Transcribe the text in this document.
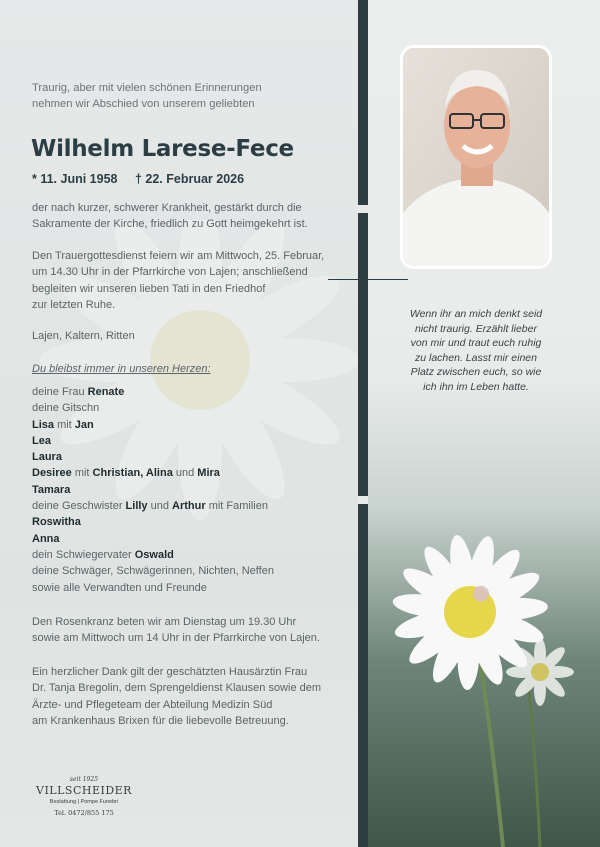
Traurig, aber mit vielen schönen Erinnerungen
nehmen wir Abschied von unserem geliebten
Wilhelm Larese-Fece
* 11. Juni 1958 † 22. Februar 2026
der nach kurzer, schwerer Krankheit, gestärkt durch die
Sakramente der Kirche, friedlich zu Gott heimgekehrt ist.
Den Trauergottesdienst feiern wir am Mittwoch, 25. Februar,
um 14.30 Uhr in der Pfarrkirche von Lajen; anschließend
begleiten wir unseren lieben Tati in den Friedhof
zur letzten Ruhe.
Lajen, Kaltern, Ritten
Du bleibst immer in unseren Herzen:
deine Frau Renate
deine Gitschn
Lisa mit Jan
Lea
Laura
Desiree mit Christian, Alina und Mira
Tamara
deine Geschwister Lilly und Arthur mit Familien
Roswitha
Anna
dein Schwiegervater Oswald
deine Schwäger, Schwägerinnen, Nichten, Neffen
sowie alle Verwandten und Freunde
Den Rosenkranz beten wir am Dienstag um 19.30 Uhr
sowie am Mittwoch um 14 Uhr in der Pfarrkirche von Lajen.
Ein herzlicher Dank gilt der geschätzten Hausärztin Frau
Dr. Tanja Bregolin, dem Sprengeldienst Klausen sowie dem
Ärzte- und Pflegeteam der Abteilung Medizin Süd
am Krankenhaus Brixen für die liebevolle Betreuung.
seit 1925
VILLSCHEIDER
Bestattung | Pompe Funebri
Tel. 0472/855 175
Wenn ihr an mich denkt seid
nicht traurig. Erzählt lieber
von mir und traut euch ruhig
zu lachen. Lasst mir einen
Platz zwischen euch, so wie
ich ihn im Leben hatte.
